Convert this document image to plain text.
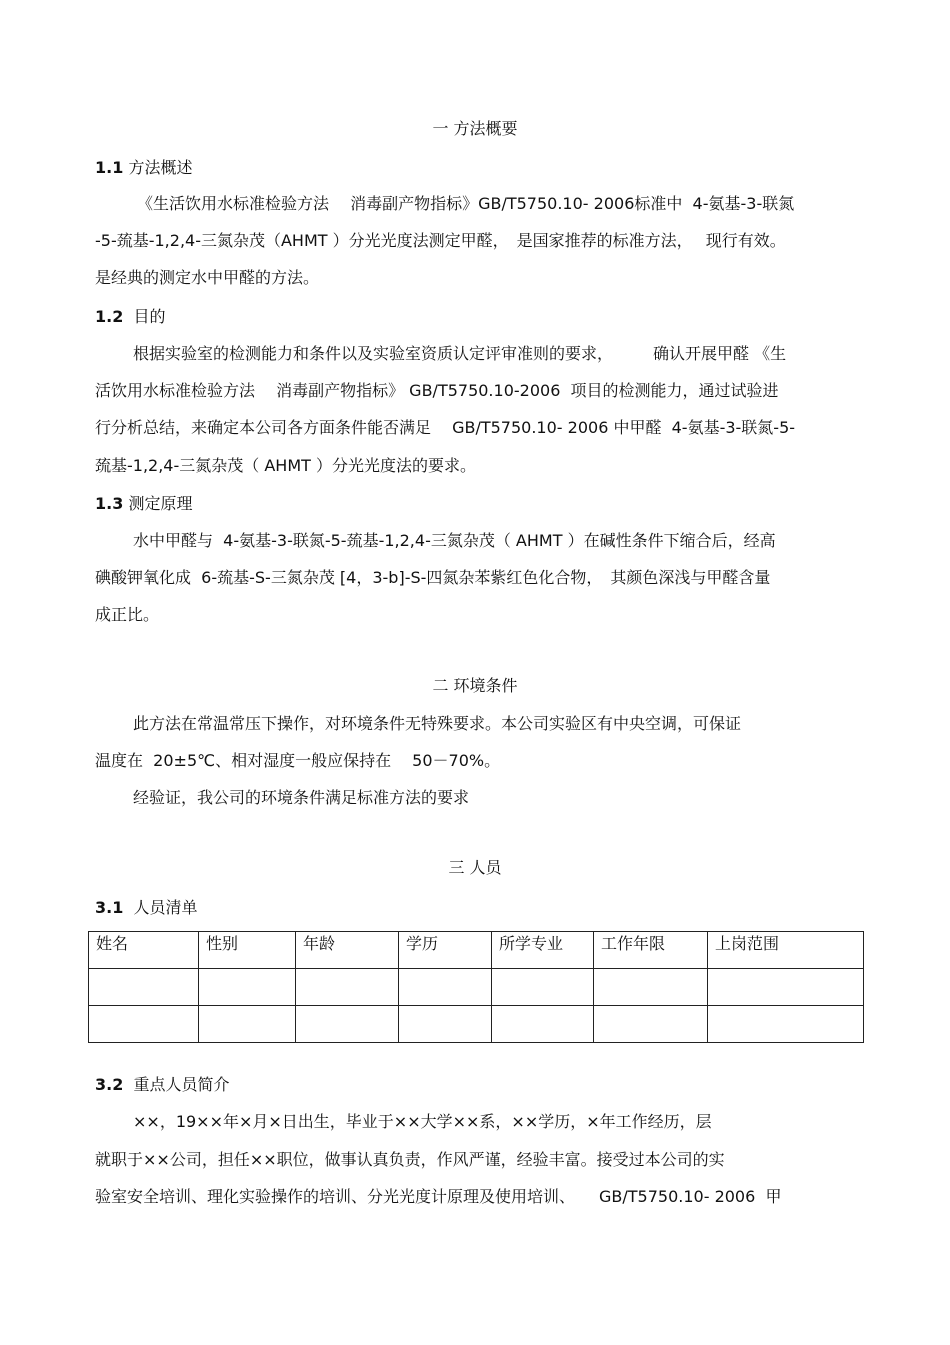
一 方法概要
1.1 方法概述
《生活饮用水标准检验方法　 消毒副产物指标》GB/T5750.10- 2006标准中  4-氨基-3-联氮
-5-巯基-1,2,4-三氮杂茂（AHMT ）分光光度法测定甲醛，　是国家推荐的标准方法，　 现行有效。
是经典的测定水中甲醛的方法。
1.2 目的
根据实验室的检测能力和条件以及实验室资质认定评审准则的要求，　　　确认开展甲醛 《生
活饮用水标准检验方法　 消毒副产物指标》 GB/T5750.10-2006  项目的检测能力，通过试验进
行分析总结，来确定本公司各方面条件能否满足　 GB/T5750.10- 2006 中甲醛  4-氨基-3-联氮-5-
巯基-1,2,4-三氮杂茂（ AHMT ）分光光度法的要求。
1.3 测定原理
水中甲醛与  4-氨基-3-联氮-5-巯基-1,2,4-三氮杂茂（ AHMT ）在碱性条件下缩合后，经高
碘酸钾氧化成  6-巯基-S-三氮杂茂 [4，3-b]-S-四氮杂苯紫红色化合物，　其颜色深浅与甲醛含量
成正比。
二 环境条件
此方法在常温常压下操作，对环境条件无特殊要求。本公司实验区有中央空调，可保证
温度在  20±5℃、相对湿度一般应保持在　 50－70%。
经验证，我公司的环境条件满足标准方法的要求
三 人员
3.1 人员清单
姓名	性别	年龄	学历	所学专业	工作年限	上岗范围

3.2 重点人员简介
××，19××年×月×日出生，毕业于××大学××系，××学历，×年工作经历，层
就职于××公司，担任××职位，做事认真负责，作风严谨，经验丰富。接受过本公司的实
验室安全培训、理化实验操作的培训、分光光度计原理及使用培训、　　GB/T5750.10- 2006  甲
